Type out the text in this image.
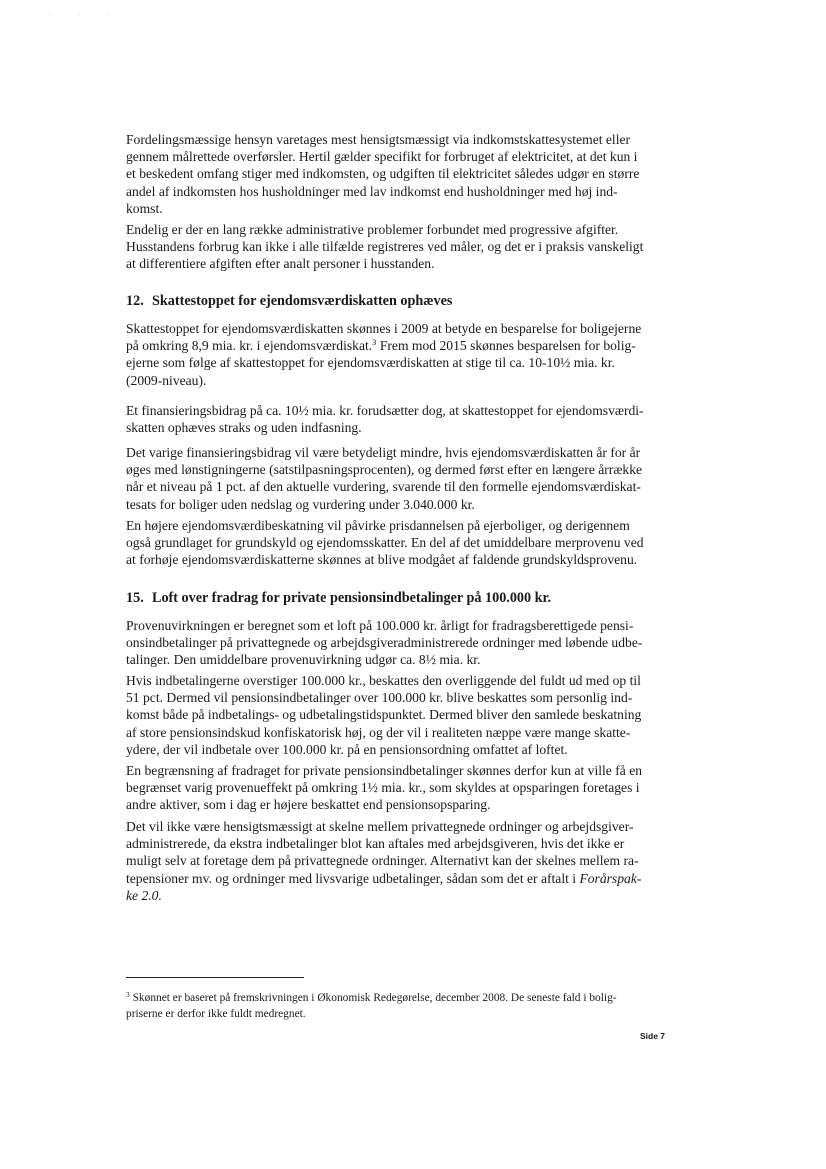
· · ·
Fordelingsmæssige hensyn varetages mest hensigtsmæssigt via indkomstskattesystemet eller
gennem målrettede overførsler. Hertil gælder specifikt for forbruget af elektricitet, at det kun i
et beskedent omfang stiger med indkomsten, og udgiften til elektricitet således udgør en større
andel af indkomsten hos husholdninger med lav indkomst end husholdninger med høj ind-
komst.
Endelig er der en lang række administrative problemer forbundet med progressive afgifter.
Husstandens forbrug kan ikke i alle tilfælde registreres ved måler, og det er i praksis vanskeligt
at differentiere afgiften efter analt personer i husstanden.
12. Skattestoppet for ejendomsværdiskatten ophæves
Skattestoppet for ejendomsværdiskatten skønnes i 2009 at betyde en besparelse for boligejerne
på omkring 8,9 mia. kr. i ejendomsværdiskat.$^3$ Frem mod 2015 skønnes besparelsen for bolig-
ejerne som følge af skattestoppet for ejendomsværdiskatten at stige til ca. 10-10½ mia. kr.
(2009-niveau).
Et finansieringsbidrag på ca. 10½ mia. kr. forudsætter dog, at skattestoppet for ejendomsværdi-
skatten ophæves straks og uden indfasning.
Det varige finansieringsbidrag vil være betydeligt mindre, hvis ejendomsværdiskatten år for år
øges med lønstigningerne (satstilpasningsprocenten), og dermed først efter en længere årrække
når et niveau på 1 pct. af den aktuelle vurdering, svarende til den formelle ejendomsværdiskat-
tesats for boliger uden nedslag og vurdering under 3.040.000 kr.
En højere ejendomsværdibeskatning vil påvirke prisdannelsen på ejerboliger, og derigennem
også grundlaget for grundskyld og ejendomsskatter. En del af det umiddelbare merprovenu ved
at forhøje ejendomsværdiskatterne skønnes at blive modgået af faldende grundskyldsprovenu.
15. Loft over fradrag for private pensionsindbetalinger på 100.000 kr.
Provenuvirkningen er beregnet som et loft på 100.000 kr. årligt for fradragsberettigede pensi-
onsindbetalinger på privattegnede og arbejdsgiveradministrerede ordninger med løbende udbe-
talinger. Den umiddelbare provenuvirkning udgør ca. 8½ mia. kr.
Hvis indbetalingerne overstiger 100.000 kr., beskattes den overliggende del fuldt ud med op til
51 pct. Dermed vil pensionsindbetalinger over 100.000 kr. blive beskattes som personlig ind-
komst både på indbetalings- og udbetalingstidspunktet. Dermed bliver den samlede beskatning
af store pensionsindskud konfiskatorisk høj, og der vil i realiteten næppe være mange skatte-
ydere, der vil indbetale over 100.000 kr. på en pensionsordning omfattet af loftet.
En begrænsning af fradraget for private pensionsindbetalinger skønnes derfor kun at ville få en
begrænset varig provenueffekt på omkring 1½ mia. kr., som skyldes at opsparingen foretages i
andre aktiver, som i dag er højere beskattet end pensionsopsparing.
Det vil ikke være hensigtsmæssigt at skelne mellem privattegnede ordninger og arbejdsgiver-
administrerede, da ekstra indbetalinger blot kan aftales med arbejdsgiveren, hvis det ikke er
muligt selv at foretage dem på privattegnede ordninger. Alternativt kan der skelnes mellem ra-
tepensioner mv. og ordninger med livsvarige udbetalinger, sådan som det er aftalt i Forårspak-
ke 2.0.
$^3$ Skønnet er baseret på fremskrivningen i Økonomisk Redegørelse, december 2008. De seneste fald i bolig-
priserne er derfor ikke fuldt medregnet.
Side 7
